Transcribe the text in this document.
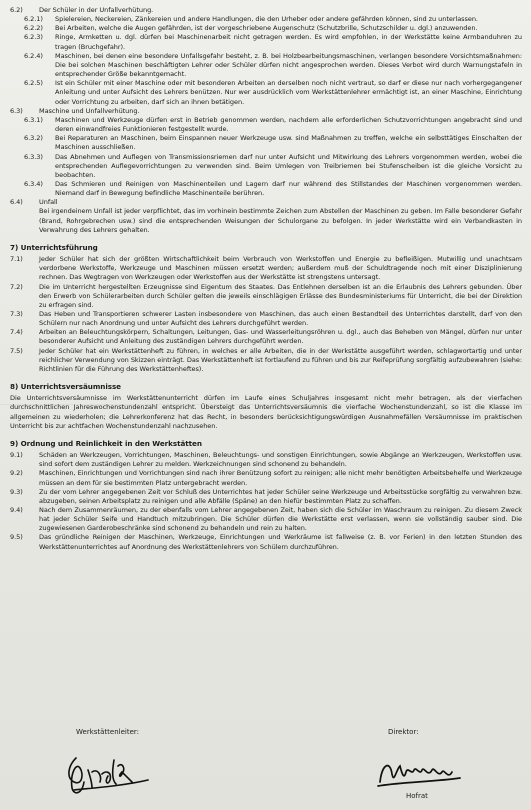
6.2)	Der Schüler in der Unfallverhütung.
6.2.1)	Spielereien, Neckereien, Zänkereien und andere Handlungen, die den Urheber oder andere gefährden können, sind zu unterlassen.
6.2.2)	Bei Arbeiten, welche die Augen gefährden, ist der vorgeschriebene Augenschutz (Schutzbrille, Schutzschilder u. dgl.) anzuwenden.
6.2.3)	Ringe, Armketten u. dgl. dürfen bei Maschinenarbeit nicht getragen werden. Es wird empfohlen, in der Werkstätte keine Armbanduhren zu tragen (Bruchgefahr).
6.2.4)	Maschinen, bei denen eine besondere Unfallsgefahr besteht, z. B. bei Holzbearbeitungsmaschinen, verlangen besondere Vorsichtsmaßnahmen: Die bei solchen Maschinen beschäftigten Lehrer oder Schüler dürfen nicht angesprochen werden. Dieses Verbot wird durch Warnungstafeln in entsprechender Größe bekanntgemacht.
6.2.5)	Ist ein Schüler mit einer Maschine oder mit besonderen Arbeiten an derselben noch nicht vertraut, so darf er diese nur nach vorhergegangener Anleitung und unter Aufsicht des Lehrers benützen. Nur wer ausdrücklich vom Werkstättenlehrer ermächtigt ist, an einer Maschine, Einrichtung oder Vorrichtung zu arbeiten, darf sich an ihnen betätigen.
6.3)	Maschine und Unfallverhütung.
6.3.1)	Maschinen und Werkzeuge dürfen erst in Betrieb genommen werden, nachdem alle erforderlichen Schutzvorrichtungen angebracht sind und deren einwandfreies Funktionieren festgestellt wurde.
6.3.2)	Bei Reparaturen an Maschinen, beim Einspannen neuer Werkzeuge usw. sind Maßnahmen zu treffen, welche ein selbsttätiges Einschalten der Maschinen ausschließen.
6.3.3)	Das Abnehmen und Auflegen von Transmissionsriemen darf nur unter Aufsicht und Mitwirkung des Lehrers vorgenommen werden, wobei die entsprechenden Auflegevorrichtungen zu verwenden sind. Beim Umlegen von Treibriemen bei Stufenscheiben ist die gleiche Vorsicht zu beobachten.
6.3.4)	Das Schmieren und Reinigen von Maschinenteilen und Lagern darf nur während des Stillstandes der Maschinen vorgenommen werden. Niemand darf in Bewegung befindliche Maschinenteile berühren.
6.4)	Unfall
Bei irgendeinem Unfall ist jeder verpflichtet, das im vorhinein bestimmte Zeichen zum Abstellen der Maschinen zu geben. Im Falle besonderer Gefahr (Brand, Rohrgebrechen usw.) sind die entsprechenden Weisungen der Schulorgane zu befolgen. In jeder Werkstätte wird ein Verbandkasten in Verwahrung des Lehrers gehalten.
7) Unterrichtsführung
7.1)	Jeder Schüler hat sich der größten Wirtschaftlichkeit beim Verbrauch von Werkstoffen und Energie zu befleißigen. Mutwillig und unachtsam verdorbene Werkstoffe, Werkzeuge und Maschinen müssen ersetzt werden; außerdem muß der Schuldtragende noch mit einer Disziplinierung rechnen. Das Wegtragen von Werkzeugen oder Werkstoffen aus der Werkstätte ist strengstens untersagt.
7.2)	Die im Unterricht hergestellten Erzeugnisse sind Eigentum des Staates. Das Entlehnen derselben ist an die Erlaubnis des Lehrers gebunden. Über den Erwerb von Schülerarbeiten durch Schüler gelten die jeweils einschlägigen Erlässe des Bundesministeriums für Unterricht, die bei der Direktion zu erfragen sind.
7.3)	Das Heben und Transportieren schwerer Lasten insbesondere von Maschinen, das auch einen Bestandteil des Unterrichtes darstellt, darf von den Schülern nur nach Anordnung und unter Aufsicht des Lehrers durchgeführt werden.
7.4)	Arbeiten an Beleuchtungskörpern, Schaltungen, Leitungen, Gas- und Wasserleitungsröhren u. dgl., auch das Beheben von Mängel, dürfen nur unter besonderer Aufsicht und Anleitung des zuständigen Lehrers durchgeführt werden.
7.5)	Jeder Schüler hat ein Werkstättenheft zu führen, in welches er alle Arbeiten, die in der Werkstätte ausgeführt werden, schlagwortartig und unter reichlicher Verwendung von Skizzen einträgt. Das Werkstättenheft ist fortlaufend zu führen und bis zur Reifeprüfung sorgfältig aufzubewahren (siehe: Richtlinien für die Führung des Werkstättenheftes).
8) Unterrichtsversäumnisse
Die Unterrichtsversäumnisse im Werkstättenunterricht dürfen im Laufe eines Schuljahres insgesamt nicht mehr betragen, als der vierfachen durchschnittlichen Jahreswochenstundenzahl entspricht. Übersteigt das Unterrichtsversäumnis die vierfache Wochenstundenzahl, so ist die Klasse im allgemeinen zu wiederholen; die Lehrerkonferenz hat das Recht, in besonders berücksichtigungswürdigen Ausnahmefällen Versäumnisse im praktischen Unterricht bis zur achtfachen Wochenstundenzahl nachzusehen.
9) Ordnung und Reinlichkeit in den Werkstätten
9.1)	Schäden an Werkzeugen, Vorrichtungen, Maschinen, Beleuchtungs- und sonstigen Einrichtungen, sowie Abgänge an Werkzeugen, Werkstoffen usw. sind sofort dem zuständigen Lehrer zu melden. Werkzeichnungen sind schonend zu behandeln.
9.2)	Maschinen, Einrichtungen und Vorrichtungen sind nach ihrer Benützung sofort zu reinigen; alle nicht mehr benötigten Arbeitsbehelfe und Werkzeuge müssen an dem für sie bestimmten Platz untergebracht werden.
9.3)	Zu der vom Lehrer angegebenen Zeit vor Schluß des Unterrichtes hat jeder Schüler seine Werkzeuge und Arbeitsstücke sorgfältig zu verwahren bzw. abzugeben, seinen Arbeitsplatz zu reinigen und alle Abfälle (Späne) an den hiefür bestimmten Platz zu schaffen.
9.4)	Nach dem Zusammenräumen, zu der ebenfalls vom Lehrer angegebenen Zeit, haben sich die Schüler im Waschraum zu reinigen. Zu diesem Zweck hat jeder Schüler Seife und Handtuch mitzubringen. Die Schüler dürfen die Werkstätte erst verlassen, wenn sie vollständig sauber sind. Die zugewiesenen Garderobeschränke sind schonend zu behandeln und rein zu halten.
9.5)	Das gründliche Reinigen der Maschinen, Werkzeuge, Einrichtungen und Werkräume ist fallweise (z. B. vor Ferien) in den letzten Stunden des Werkstättenunterrichtes auf Anordnung des Werkstättenlehrers von Schülern durchzuführen.
Werkstättenleiter:	Direktor:
Hofrat
